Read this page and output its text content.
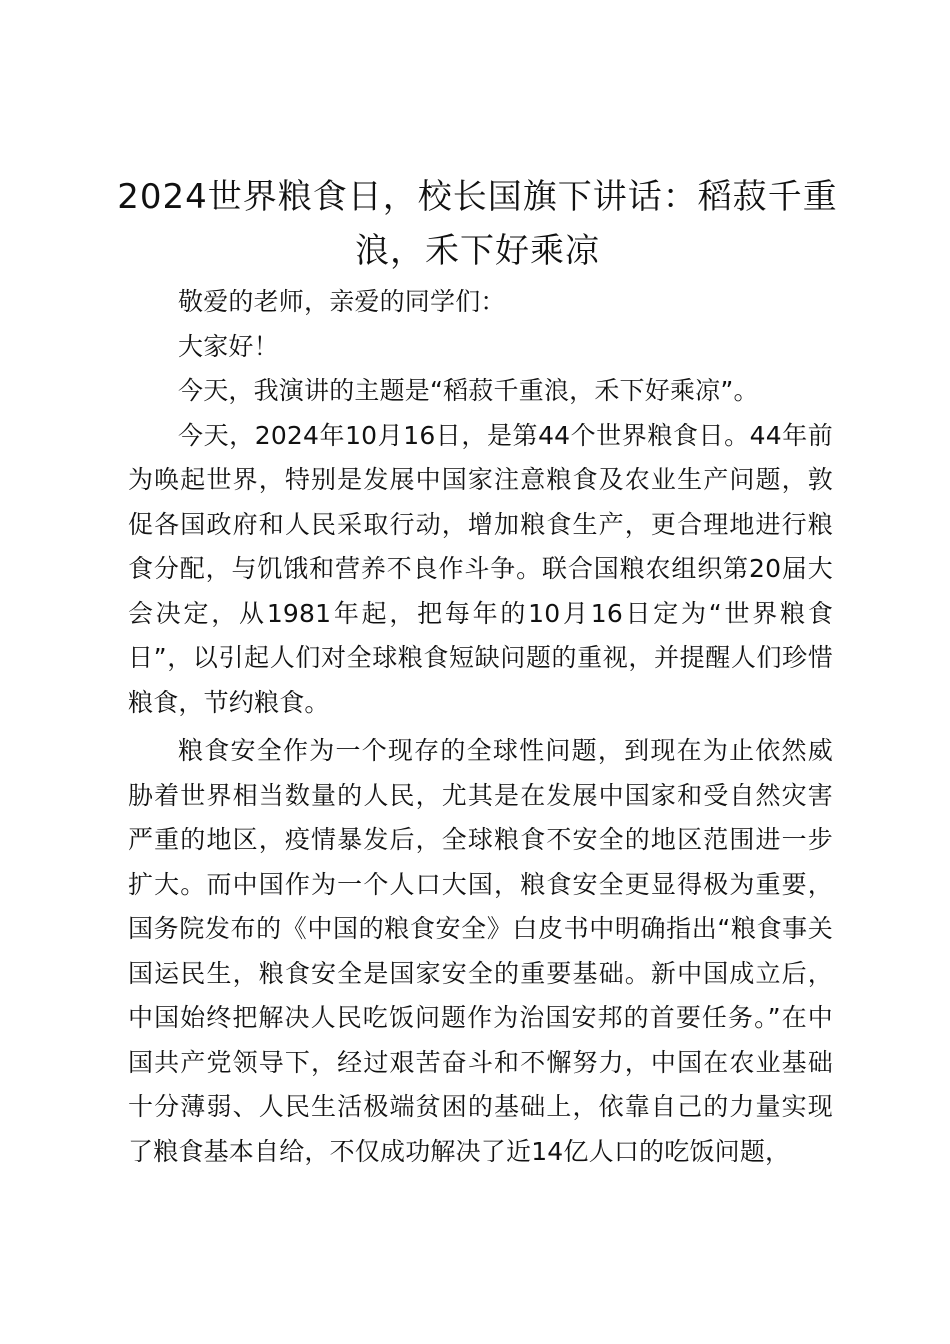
2024世界粮食日，校长国旗下讲话：稻菽千重浪，禾下好乘凉

敬爱的老师，亲爱的同学们：

大家好！

今天，我演讲的主题是“稻菽千重浪，禾下好乘凉”。

今天，2024年10月16日，是第44个世界粮食日。44年前为唤起世界，特别是发展中国家注意粮食及农业生产问题，敦促各国政府和人民采取行动，增加粮食生产，更合理地进行粮食分配，与饥饿和营养不良作斗争。联合国粮农组织第20届大会决定，从1981年起，把每年的10月16日定为“世界粮食日”，以引起人们对全球粮食短缺问题的重视，并提醒人们珍惜粮食，节约粮食。

粮食安全作为一个现存的全球性问题，到现在为止依然威胁着世界相当数量的人民，尤其是在发展中国家和受自然灾害严重的地区，疫情暴发后，全球粮食不安全的地区范围进一步扩大。而中国作为一个人口大国，粮食安全更显得极为重要，国务院发布的《中国的粮食安全》白皮书中明确指出“粮食事关国运民生，粮食安全是国家安全的重要基础。新中国成立后，中国始终把解决人民吃饭问题作为治国安邦的首要任务。”在中国共产党领导下，经过艰苦奋斗和不懈努力，中国在农业基础十分薄弱、人民生活极端贫困的基础上，依靠自己的力量实现了粮食基本自给，不仅成功解决了近14亿人口的吃饭问题，
